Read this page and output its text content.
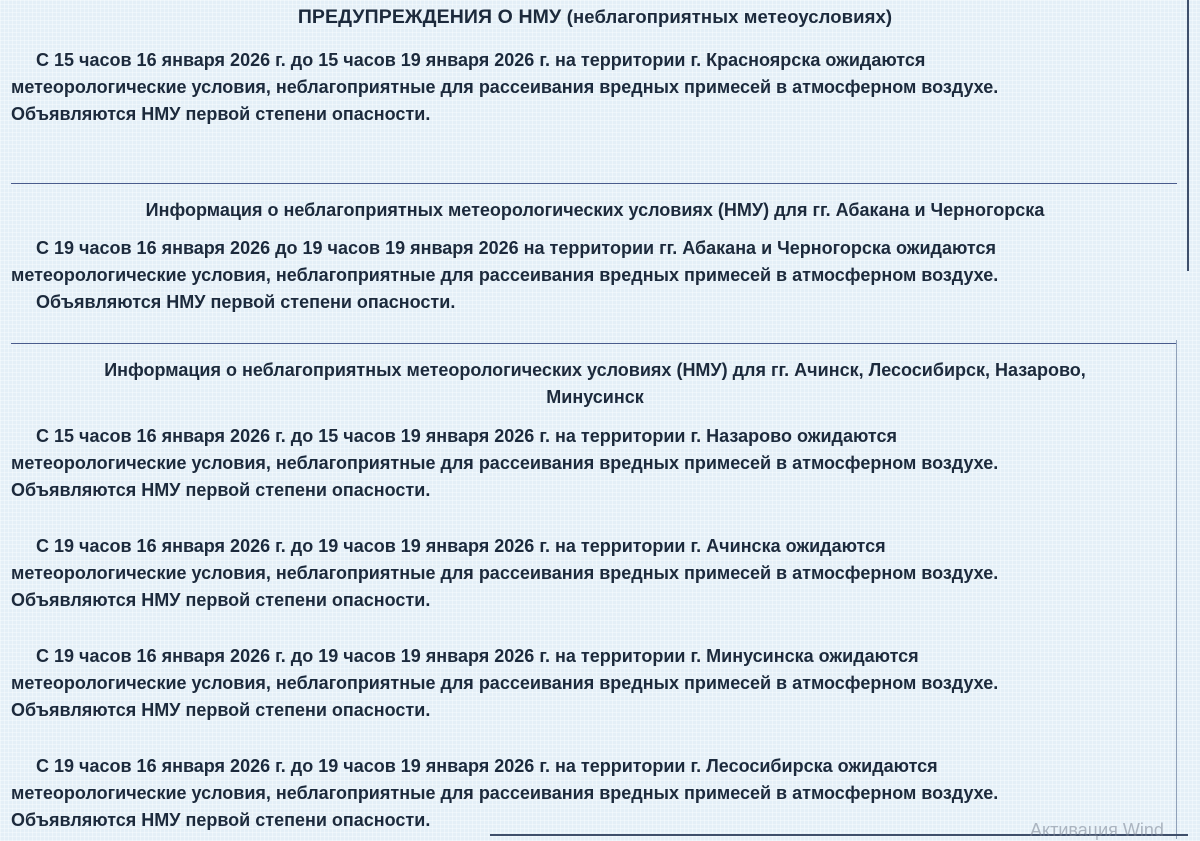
ПРЕДУПРЕЖДЕНИЯ О НМУ (неблагоприятных метеоусловиях)

С 15 часов 16 января 2026 г. до 15 часов 19 января 2026 г. на территории г. Красноярска ожидаются
метеорологические условия, неблагоприятные для рассеивания вредных примесей в атмосферном воздухе.
Объявляются НМУ первой степени опасности.

Информация о неблагоприятных метеорологических условиях (НМУ) для гг. Абакана и Черногорска

С 19 часов 16 января 2026 до 19 часов 19 января 2026 на территории гг. Абакана и Черногорска ожидаются
метеорологические условия, неблагоприятные для рассеивания вредных примесей в атмосферном воздухе.
Объявляются НМУ первой степени опасности.

Информация о неблагоприятных метеорологических условиях (НМУ) для гг. Ачинск, Лесосибирск, Назарово,
Минусинск

С 15 часов 16 января 2026 г. до 15 часов 19 января 2026 г. на территории г. Назарово ожидаются
метеорологические условия, неблагоприятные для рассеивания вредных примесей в атмосферном воздухе.
Объявляются НМУ первой степени опасности.

С 19 часов 16 января 2026 г. до 19 часов 19 января 2026 г. на территории г. Ачинска ожидаются
метеорологические условия, неблагоприятные для рассеивания вредных примесей в атмосферном воздухе.
Объявляются НМУ первой степени опасности.

С 19 часов 16 января 2026 г. до 19 часов 19 января 2026 г. на территории г. Минусинска ожидаются
метеорологические условия, неблагоприятные для рассеивания вредных примесей в атмосферном воздухе.
Объявляются НМУ первой степени опасности.

С 19 часов 16 января 2026 г. до 19 часов 19 января 2026 г. на территории г. Лесосибирска ожидаются
метеорологические условия, неблагоприятные для рассеивания вредных примесей в атмосферном воздухе.
Объявляются НМУ первой степени опасности.	Активация Wind
